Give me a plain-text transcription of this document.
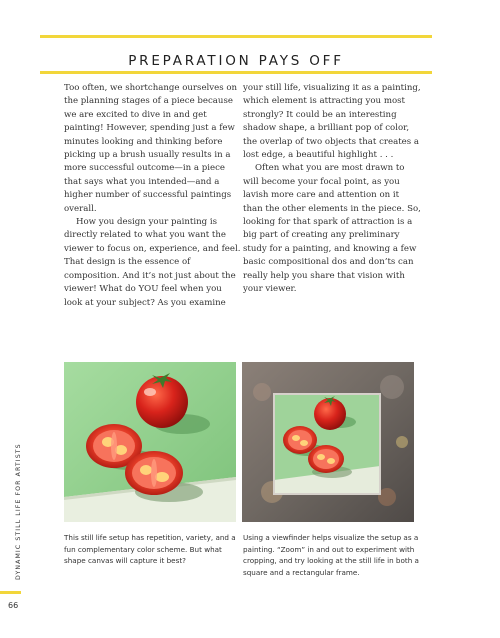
PREPARATION PAYS OFF

Too often, we shortchange ourselves on the planning stages of a piece because we are excited to dive in and get painting! However, spending just a few minutes looking and thinking before picking up a brush usually results in a more successful outcome—in a piece that says what you intended—and a higher number of successful paintings overall.

How you design your painting is directly related to what you want the viewer to focus on, experience, and feel. That design is the essence of composition. And it’s not just about the viewer! What do YOU feel when you look at your subject? As you examine

your still life, visualizing it as a painting, which element is attracting you most strongly? It could be an interesting shadow shape, a brilliant pop of color, the overlap of two objects that creates a lost edge, a beautiful highlight . . .

Often what you are most drawn to will become your focal point, as you lavish more care and attention on it than the other elements in the piece. So, looking for that spark of attraction is a big part of creating any preliminary study for a painting, and knowing a few basic compositional dos and don’ts can really help you share that vision with your viewer.

This still life setup has repetition, variety, and a fun complementary color scheme. But what shape canvas will capture it best?
Using a viewfinder helps visualize the setup as a painting. “Zoom” in and out to experiment with cropping, and try looking at the still life in both a square and a rectangular frame.
DYNAMIC STILL LIFE FOR ARTISTS
66
